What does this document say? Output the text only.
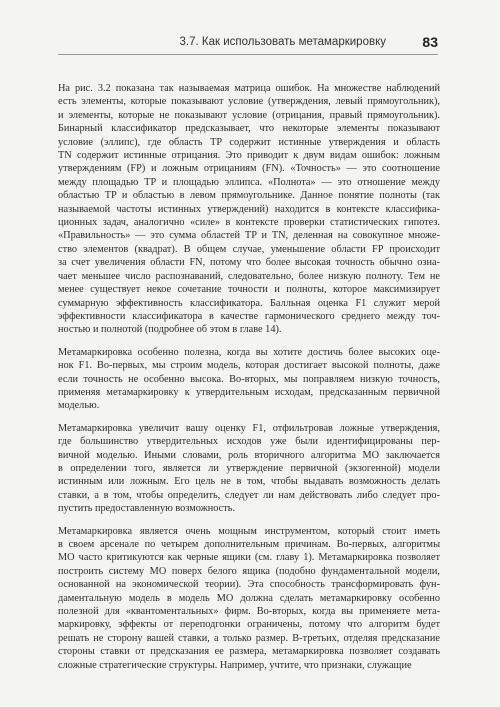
3.7. Как использовать метамаркировку	83

На рис. 3.2 показана так называемая матрица ошибок. На множестве наблюдений
есть элементы, которые показывают условие (утверждения, левый прямоугольник),
и элементы, которые не показывают условие (отрицания, правый прямоугольник).
Бинарный классификатор предсказывает, что некоторые элементы показывают
условие (эллипс), где область TP содержит истинные утверждения и область
TN содержит истинные отрицания. Это приводит к двум видам ошибок: ложным
утверждениям (FP) и ложным отрицаниям (FN). «Точность» — это соотношение
между площадью TP и площадью эллипса. «Полнота» — это отношение между
областью TP и областью в левом прямоугольнике. Данное понятие полноты (так
называемой частоты истинных утверждений) находится в контексте классифика-
ционных задач, аналогично «силе» в контексте проверки статистических гипотез.
«Правильность» — это сумма областей TP и TN, деленная на совокупное множе-
ство элементов (квадрат). В общем случае, уменьшение области FP происходит
за счет увеличения области FN, потому что более высокая точность обычно озна-
чает меньшее число распознаваний, следовательно, более низкую полноту. Тем не
менее существует некое сочетание точности и полноты, которое максимизирует
суммарную эффективность классификатора. Балльная оценка F1 служит мерой
эффективности классификатора в качестве гармонического среднего между точ-
ностью и полнотой (подробнее об этом в главе 14).

Метамаркировка особенно полезна, когда вы хотите достичь более высоких оце-
нок F1. Во-первых, мы строим модель, которая достигает высокой полноты, даже
если точность не особенно высока. Во-вторых, мы поправляем низкую точность,
применяя метамаркировку к утвердительным исходам, предсказанным первичной
моделью.

Метамаркировка увеличит вашу оценку F1, отфильтровав ложные утверждения,
где большинство утвердительных исходов уже были идентифицированы пер-
вичной моделью. Иными словами, роль вторичного алгоритма МО заключается
в определении того, является ли утверждение первичной (экзогенной) модели
истинным или ложным. Его цель не в том, чтобы выдавать возможность делать
ставки, а в том, чтобы определить, следует ли нам действовать либо следует про-
пустить предоставленную возможность.

Метамаркировка является очень мощным инструментом, который стоит иметь
в своем арсенале по четырем дополнительным причинам. Во-первых, алгоритмы
МО часто критикуются как черные ящики (см. главу 1). Метамаркировка позволяет
построить систему МО поверх белого ящика (подобно фундаментальной модели,
основанной на экономической теории). Эта способность трансформировать фун-
даментальную модель в модель МО должна сделать метамаркировку особенно
полезной для «квантоментальных» фирм. Во-вторых, когда вы применяете мета-
маркировку, эффекты от переподгонки ограничены, потому что алгоритм будет
решать не сторону вашей ставки, а только размер. В-третьих, отделяя предсказание
стороны ставки от предсказания ее размера, метамаркировка позволяет создавать
сложные стратегические структуры. Например, учтите, что признаки, служащие
